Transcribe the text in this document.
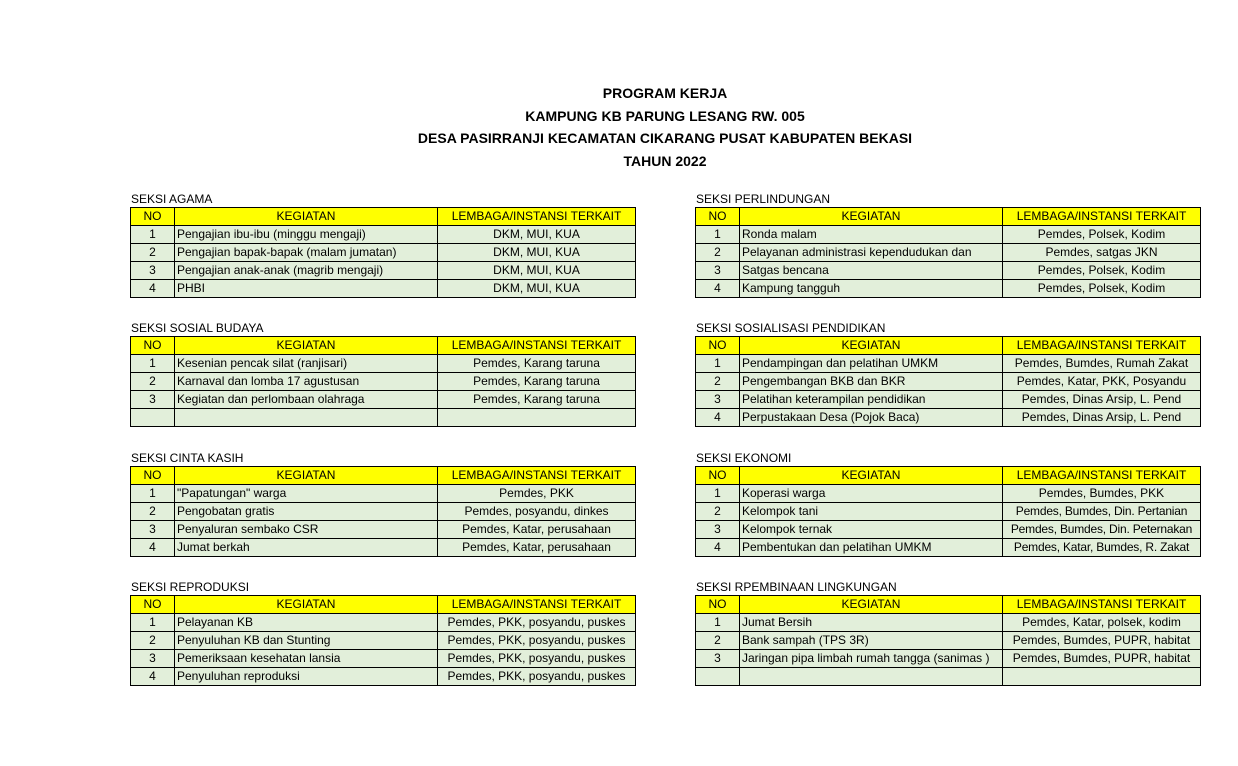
PROGRAM KERJA
KAMPUNG KB PARUNG LESANG RW. 005
DESA PASIRRANJI KECAMATAN CIKARANG PUSAT KABUPATEN BEKASI
TAHUN 2022
SEKSI AGAMA
NO	KEGIATAN	LEMBAGA/INSTANSI TERKAIT
1	Pengajian ibu-ibu (minggu mengaji)	DKM, MUI, KUA
2	Pengajian bapak-bapak (malam jumatan)	DKM, MUI, KUA
3	Pengajian anak-anak (magrib mengaji)	DKM, MUI, KUA
4	PHBI	DKM, MUI, KUA
SEKSI PERLINDUNGAN
NO	KEGIATAN	LEMBAGA/INSTANSI TERKAIT
1	Ronda malam	Pemdes, Polsek, Kodim
2	Pelayanan administrasi kependudukan dan	Pemdes, satgas JKN
3	Satgas bencana	Pemdes, Polsek, Kodim
4	Kampung tangguh	Pemdes, Polsek, Kodim
SEKSI SOSIAL BUDAYA
NO	KEGIATAN	LEMBAGA/INSTANSI TERKAIT
1	Kesenian pencak silat (ranjisari)	Pemdes, Karang taruna
2	Karnaval dan lomba 17 agustusan	Pemdes, Karang taruna
3	Kegiatan dan perlombaan olahraga	Pemdes, Karang taruna

SEKSI SOSIALISASI PENDIDIKAN
NO	KEGIATAN	LEMBAGA/INSTANSI TERKAIT
1	Pendampingan dan pelatihan UMKM	Pemdes, Bumdes, Rumah Zakat
2	Pengembangan BKB dan BKR	Pemdes, Katar, PKK, Posyandu
3	Pelatihan keterampilan pendidikan	Pemdes, Dinas Arsip, L. Pend
4	Perpustakaan Desa (Pojok Baca)	Pemdes, Dinas Arsip, L. Pend
SEKSI CINTA KASIH
NO	KEGIATAN	LEMBAGA/INSTANSI TERKAIT
1	"Papatungan" warga	Pemdes, PKK
2	Pengobatan gratis	Pemdes, posyandu, dinkes
3	Penyaluran sembako CSR	Pemdes, Katar, perusahaan
4	Jumat berkah	Pemdes, Katar, perusahaan
SEKSI EKONOMI
NO	KEGIATAN	LEMBAGA/INSTANSI TERKAIT
1	Koperasi warga	Pemdes, Bumdes, PKK
2	Kelompok tani	Pemdes, Bumdes, Din. Pertanian
3	Kelompok ternak	Pemdes, Bumdes, Din. Peternakan
4	Pembentukan dan pelatihan UMKM	Pemdes, Katar, Bumdes, R. Zakat
SEKSI REPRODUKSI
NO	KEGIATAN	LEMBAGA/INSTANSI TERKAIT
1	Pelayanan KB	Pemdes, PKK, posyandu, puskes
2	Penyuluhan KB dan Stunting	Pemdes, PKK, posyandu, puskes
3	Pemeriksaan kesehatan lansia	Pemdes, PKK, posyandu, puskes
4	Penyuluhan reproduksi	Pemdes, PKK, posyandu, puskes
SEKSI RPEMBINAAN LINGKUNGAN
NO	KEGIATAN	LEMBAGA/INSTANSI TERKAIT
1	Jumat Bersih	Pemdes, Katar, polsek, kodim
2	Bank sampah (TPS 3R)	Pemdes, Bumdes, PUPR, habitat
3	Jaringan pipa limbah rumah tangga (sanimas )	Pemdes, Bumdes, PUPR, habitat
